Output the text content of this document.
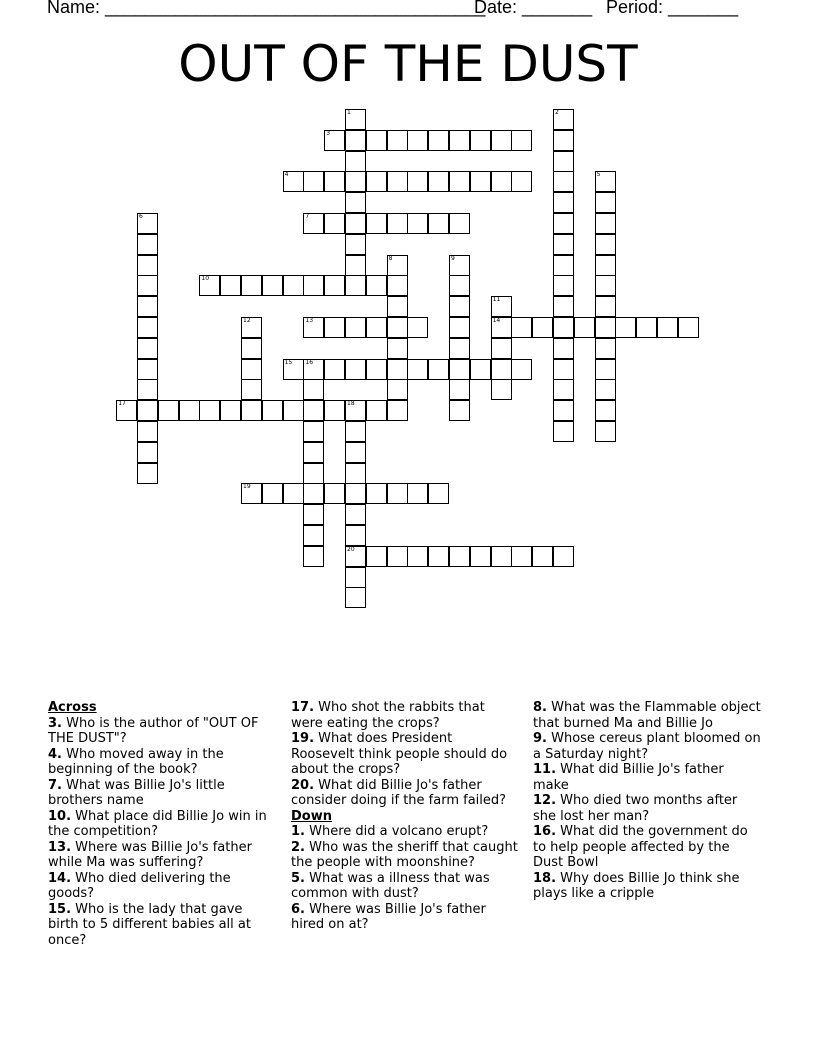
Name: ______________________________________
Date: _______ Period: _______
OUT OF THE DUST
1	2
3
4	5
6	7
8	9
10
11
14
12	13
15 16
17	18
20
19
Across
3. Who is the author of "OUT OF THE DUST"?
4. Who moved away in the beginning of the book?
7. What was Billie Jo's little brothers name
10. What place did Billie Jo win in the competition?
13. Where was Billie Jo's father while Ma was suffering?
14. Who died delivering the goods?
15. Who is the lady that gave birth to 5 different babies all at once?
17. Who shot the rabbits that were eating the crops?
19. What does President Roosevelt think people should do about the crops?
20. What did Billie Jo's father consider doing if the farm failed?
Down
1. Where did a volcano erupt?
2. Who was the sheriff that caught the people with moonshine?
5. What was a illness that was common with dust?
6. Where was Billie Jo's father hired on at?
8. What was the Flammable object that burned Ma and Billie Jo
9. Whose cereus plant bloomed on a Saturday night?
11. What did Billie Jo's father make
12. Who died two months after she lost her man?
16. What did the government do to help people affected by the Dust Bowl
18. Why does Billie Jo think she plays like a cripple
